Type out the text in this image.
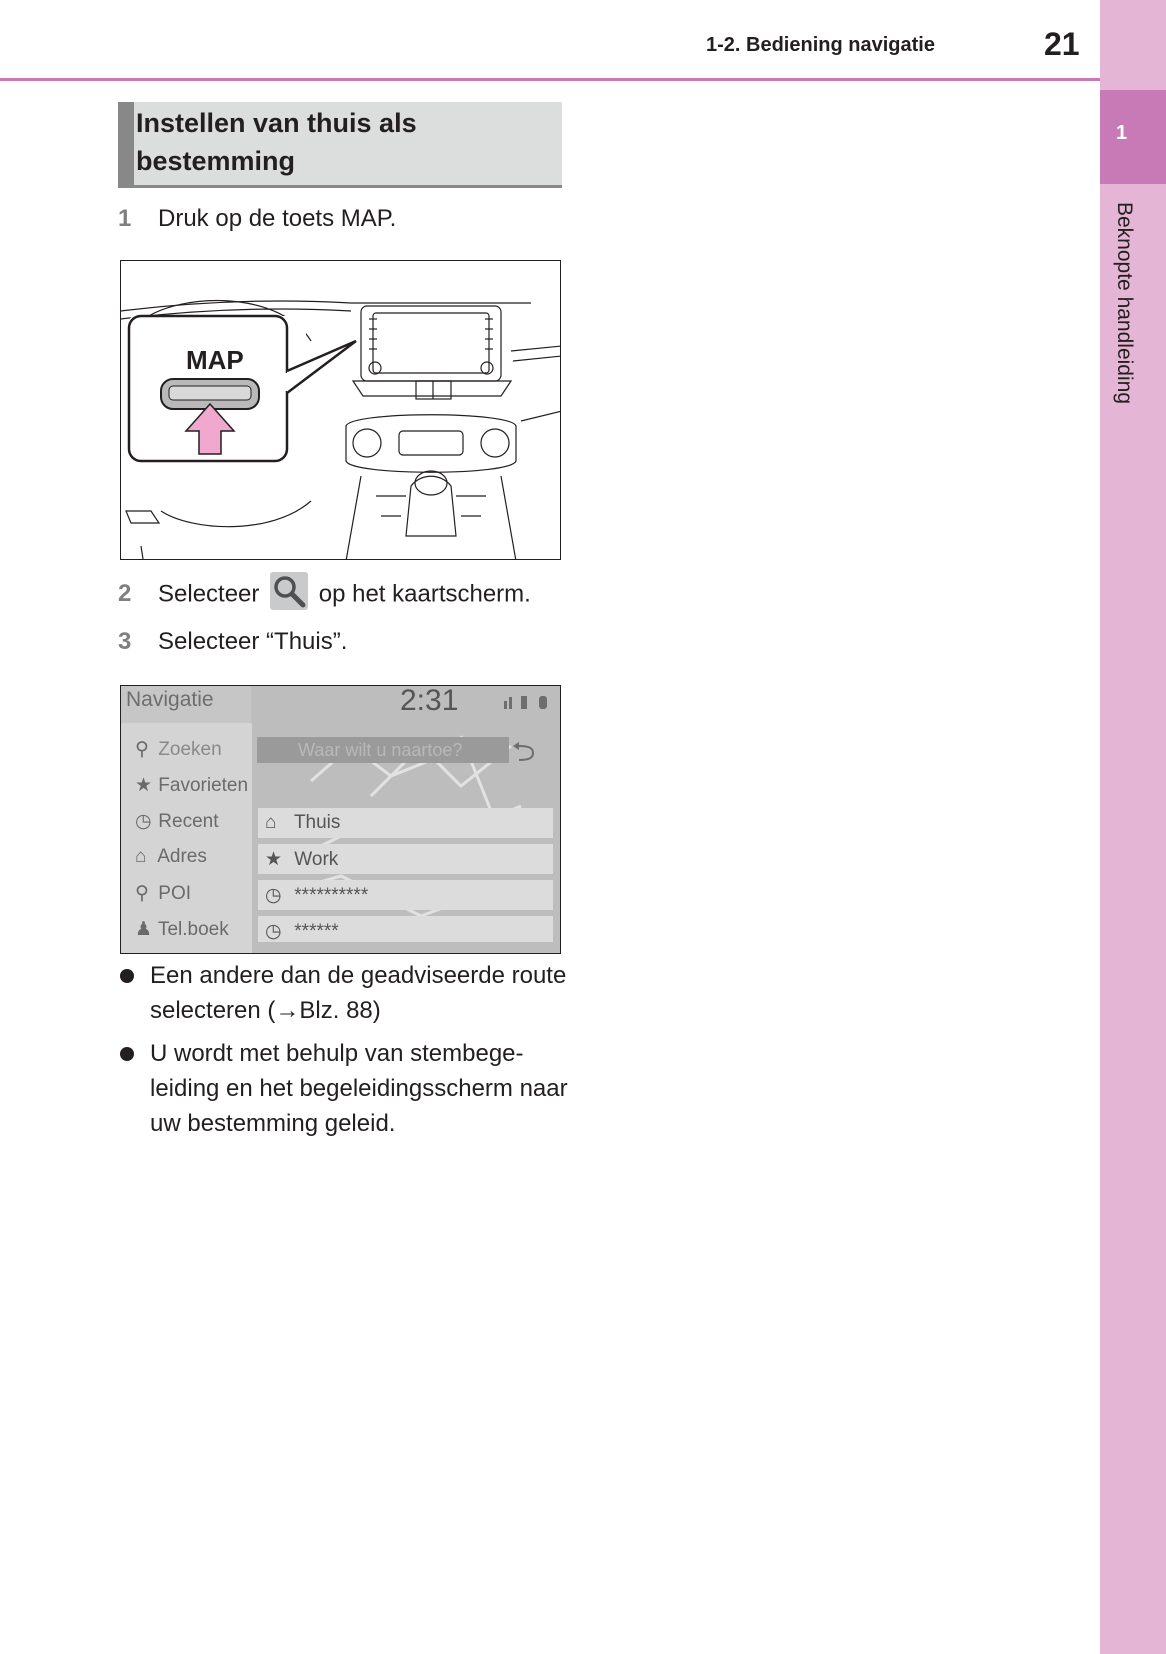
1-2. Bediening navigatie	21
1
Beknopte handleiding
Instellen van thuis als bestemming
1 Druk op de toets MAP.
MAP
2 Selecteer op het kaartscherm.
3 Selecteer “Thuis”.
Navigatie	2:31
⚲ Zoeken
★ Favorieten
◷ Recent
⌂ Adres
⚲ POI
♟ Tel.boek
Waar wilt u naartoe?
⌂ Thuis
★ Work
◷ **********
◷ ******
Een andere dan de geadviseerde route selecteren (→Blz. 88)
U wordt met behulp van stembege-leiding en het begeleidingsscherm naar uw bestemming geleid.
